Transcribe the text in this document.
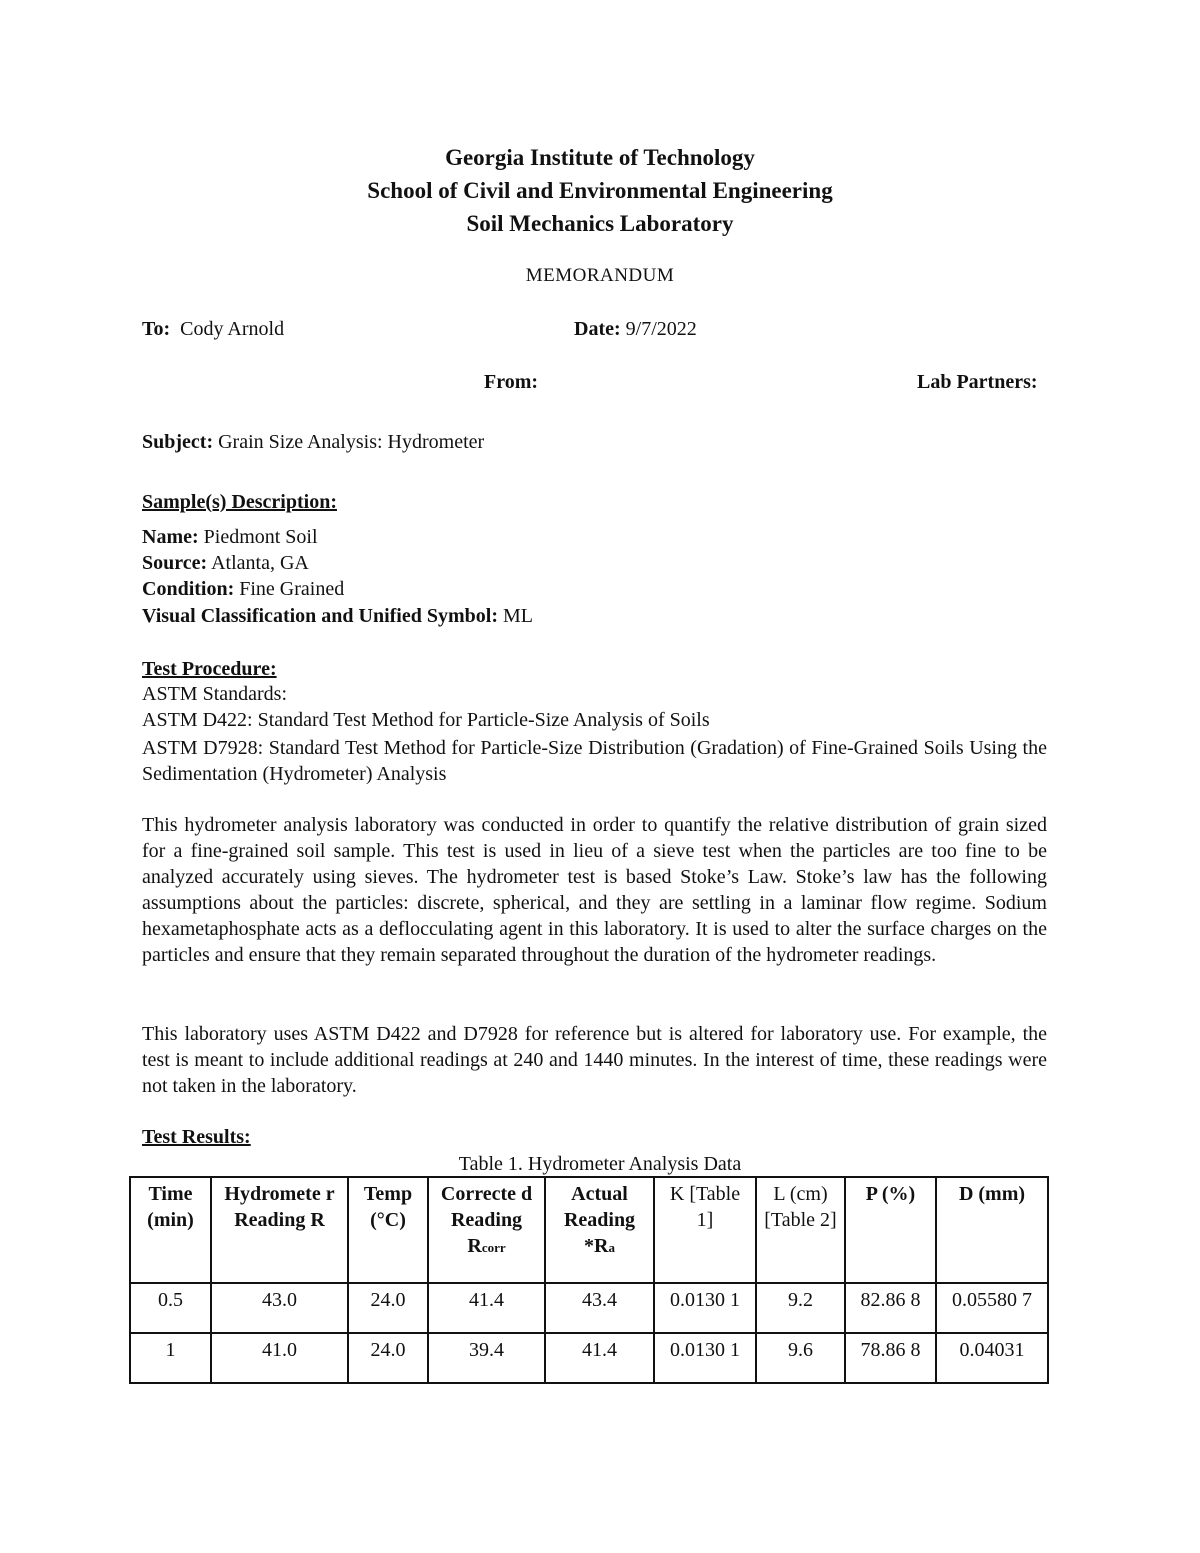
Georgia Institute of Technology
School of Civil and Environmental Engineering
Soil Mechanics Laboratory
MEMORANDUM
To: Cody Arnold	Date: 9/7/2022
From:	Lab Partners:
Subject: Grain Size Analysis: Hydrometer
Sample(s) Description:
Name: Piedmont Soil
Source: Atlanta, GA
Condition: Fine Grained
Visual Classification and Unified Symbol: ML
Test Procedure:
ASTM Standards:
ASTM D422: Standard Test Method for Particle-Size Analysis of Soils

ASTM D7928: Standard Test Method for Particle-Size Distribution (Gradation) of Fine-Grained Soils Using the Sedimentation (Hydrometer) Analysis

This hydrometer analysis laboratory was conducted in order to quantify the relative distribution of grain sized for a fine-grained soil sample. This test is used in lieu of a sieve test when the particles are too fine to be analyzed accurately using sieves. The hydrometer test is based Stoke’s Law. Stoke’s law has the following assumptions about the particles: discrete, spherical, and they are settling in a laminar flow regime. Sodium hexametaphosphate acts as a deflocculating agent in this laboratory. It is used to alter the surface charges on the particles and ensure that they remain separated throughout the duration of the hydrometer readings.

This laboratory uses ASTM D422 and D7928 for reference but is altered for laboratory use. For example, the test is meant to include additional readings at 240 and 1440 minutes. In the interest of time, these readings were not taken in the laboratory.

Test Results:
Table 1. Hydrometer Analysis Data
Time (min)	Hydromete r Reading R	Temp (°C)	Correcte d Reading Rcorr	Actual Reading *Ra	K [Table 1]	L (cm) [Table 2]	P (%)	D (mm)
0.5	43.0	24.0	41.4	43.4	0.0130 1	9.2	82.86 8	0.05580 7
1	41.0	24.0	39.4	41.4	0.0130 1	9.6	78.86 8	0.04031
